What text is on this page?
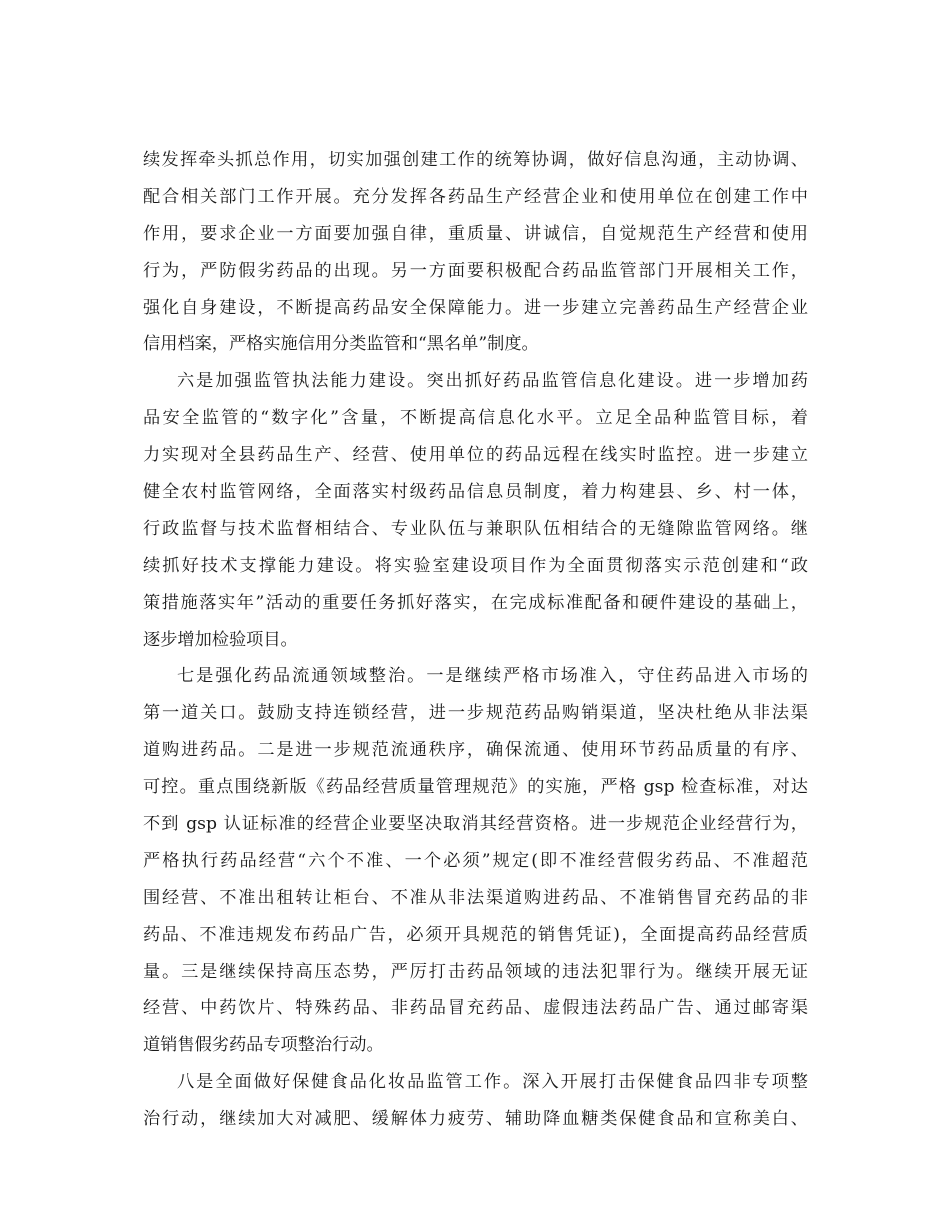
续发挥牵头抓总作用，切实加强创建工作的统筹协调，做好信息沟通，主动协调、
配合相关部门工作开展。充分发挥各药品生产经营企业和使用单位在创建工作中
作用，要求企业一方面要加强自律，重质量、讲诚信，自觉规范生产经营和使用
行为，严防假劣药品的出现。另一方面要积极配合药品监管部门开展相关工作，
强化自身建设，不断提高药品安全保障能力。进一步建立完善药品生产经营企业
信用档案，严格实施信用分类监管和“黑名单”制度。
六是加强监管执法能力建设。突出抓好药品监管信息化建设。进一步增加药
品安全监管的“数字化”含量，不断提高信息化水平。立足全品种监管目标，着
力实现对全县药品生产、经营、使用单位的药品远程在线实时监控。进一步建立
健全农村监管网络，全面落实村级药品信息员制度，着力构建县、乡、村一体，
行政监督与技术监督相结合、专业队伍与兼职队伍相结合的无缝隙监管网络。继
续抓好技术支撑能力建设。将实验室建设项目作为全面贯彻落实示范创建和“政
策措施落实年”活动的重要任务抓好落实，在完成标准配备和硬件建设的基础上，
逐步增加检验项目。
七是强化药品流通领域整治。一是继续严格市场准入，守住药品进入市场的
第一道关口。鼓励支持连锁经营，进一步规范药品购销渠道，坚决杜绝从非法渠
道购进药品。二是进一步规范流通秩序，确保流通、使用环节药品质量的有序、
可控。重点围绕新版《药品经营质量管理规范》的实施，严格 gsp 检查标准，对达
不到 gsp 认证标准的经营企业要坚决取消其经营资格。进一步规范企业经营行为，
严格执行药品经营“六个不准、一个必须”规定(即不准经营假劣药品、不准超范
围经营、不准出租转让柜台、不准从非法渠道购进药品、不准销售冒充药品的非
药品、不准违规发布药品广告，必须开具规范的销售凭证)，全面提高药品经营质
量。三是继续保持高压态势，严厉打击药品领域的违法犯罪行为。继续开展无证
经营、中药饮片、特殊药品、非药品冒充药品、虚假违法药品广告、通过邮寄渠
道销售假劣药品专项整治行动。
八是全面做好保健食品化妆品监管工作。深入开展打击保健食品四非专项整
治行动，继续加大对减肥、缓解体力疲劳、辅助降血糖类保健食品和宣称美白、
